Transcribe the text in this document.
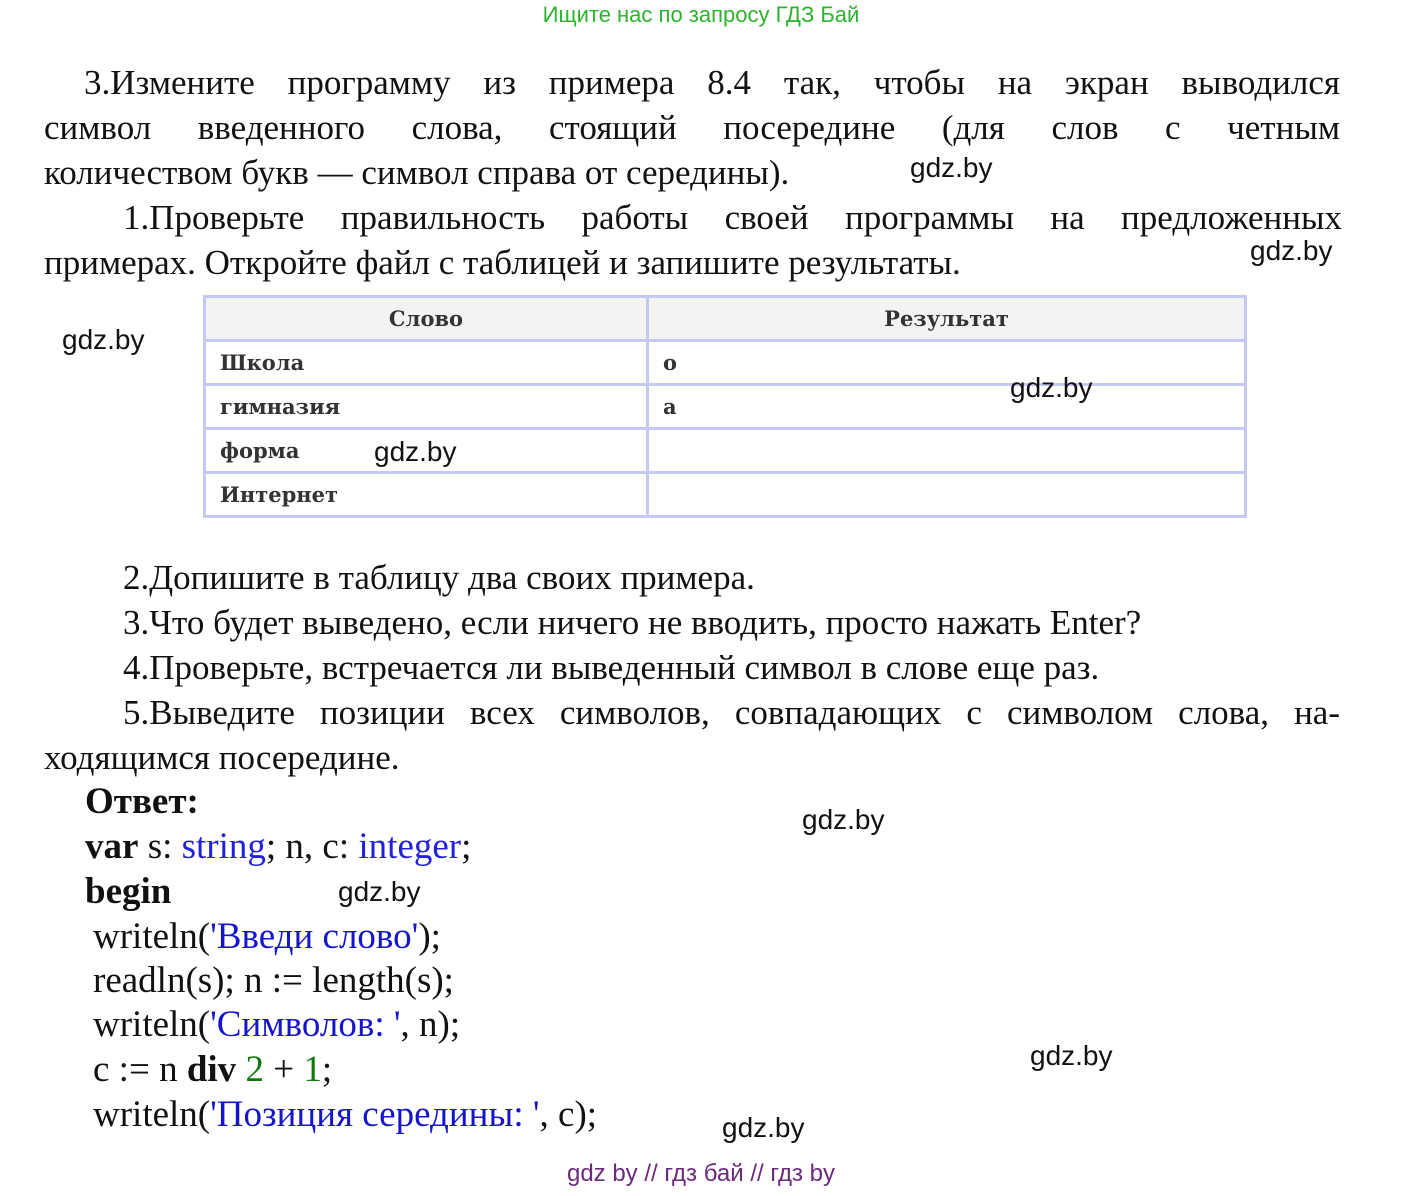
Ищите нас по запросу ГДЗ Бай
3.Измените программу из примера 8.4 так, чтобы на экран выводился
символ введенного слова, стоящий посередине (для слов с четным
количеством букв — символ справа от середины).
1.Проверьте правильность работы своей программы на предложенных
примерах. Откройте файл с таблицей и запишите результаты.
Слово	Результат
Школа	о
гимназия	а
форма	
Интернет	
2.Допишите в таблицу два своих примера.
3.Что будет выведено, если ничего не вводить, просто нажать Enter?
4.Проверьте, встречается ли выведенный символ в слове еще раз.
5.Выведите позиции всех символов, совпадающих с символом слова, на-
ходящимся посередине.
Ответ:
var s: string; n, c: integer;
begin
writeln('Введи слово');
readln(s); n := length(s);
writeln('Символов: ', n);
c := n div 2 + 1;
writeln('Позиция середины: ', c);
gdz.by
gdz.by
gdz.by
gdz.by
gdz.by
gdz.by
gdz.by
gdz.by
gdz.by
gdz by // гдз бай // гдз by
